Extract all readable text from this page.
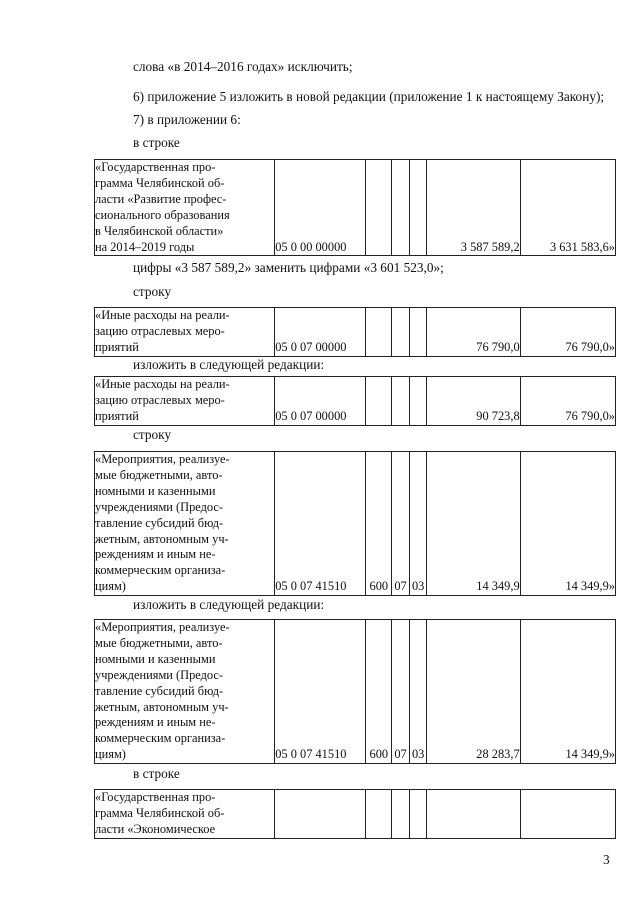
слова «в 2014–2016 годах» исключить;
6) приложение 5 изложить в новой редакции (приложение 1 к настоящему Закону);
7) в приложении 6:
в строке
«Государственная про-
грамма Челябинской об-
ласти «Развитие профес-
сионального образования
в Челябинской области»
на 2014–2019 годы	05 0 00 00000				3 587 589,2	3 631 583,6»
цифры «3 587 589,2» заменить цифрами «3 601 523,0»;
строку
«Иные расходы на реали-
зацию отраслевых меро-
приятий	05 0 07 00000				76 790,0	76 790,0»
изложить в следующей редакции:
«Иные расходы на реали-
зацию отраслевых меро-
приятий	05 0 07 00000				90 723,8	76 790,0»
строку
«Мероприятия, реализуе-
мые бюджетными, авто-
номными и казенными
учреждениями (Предос-
тавление субсидий бюд-
жетным, автономным уч-
реждениям и иным не-
коммерческим организа-
циям)	05 0 07 41510	600	07	03	14 349,9	14 349,9»
изложить в следующей редакции:
«Мероприятия, реализуе-
мые бюджетными, авто-
номными и казенными
учреждениями (Предос-
тавление субсидий бюд-
жетным, автономным уч-
реждениям и иным не-
коммерческим организа-
циям)	05 0 07 41510	600	07	03	28 283,7	14 349,9»
в строке
«Государственная про-
грамма Челябинской об-
ласти «Экономическое

3
